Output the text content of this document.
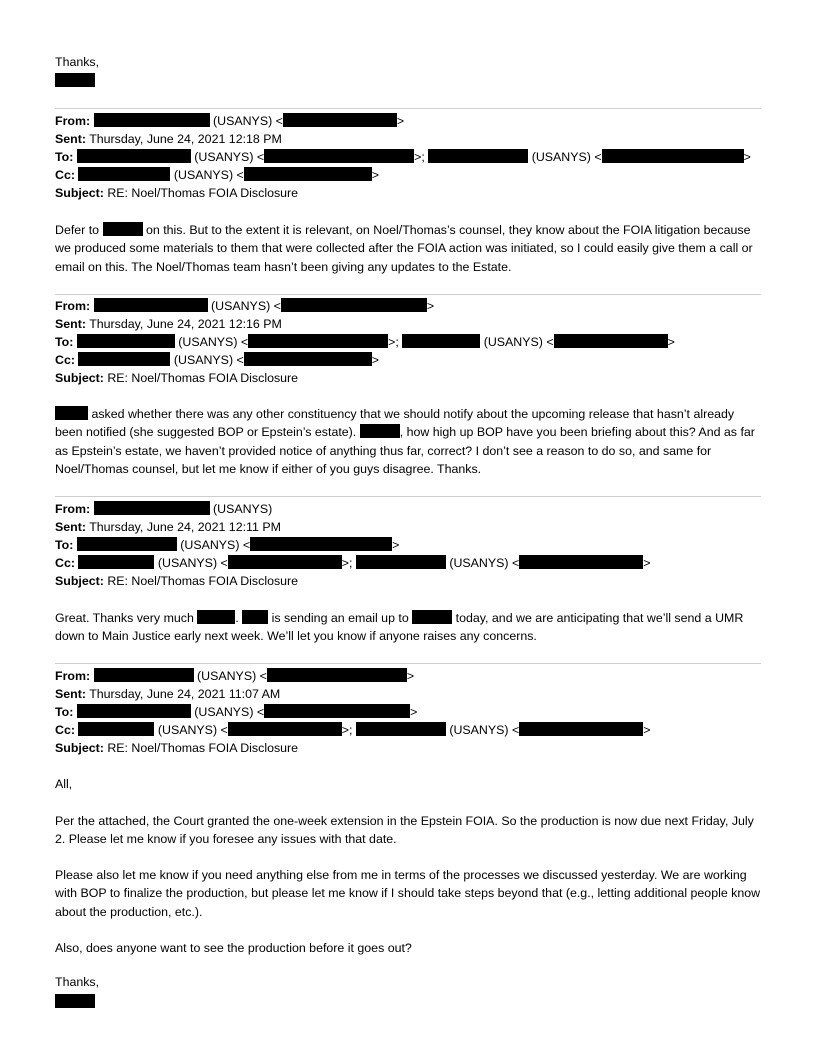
Thanks,
From:	(USANYS) <	>
Sent: Thursday, June 24, 2021 12:18 PM
To:	(USANYS) <	>;	(USANYS) <	>
Cc:	(USANYS) <	>
Subject: RE: Noel/Thomas FOIA Disclosure
Defer to	on this. But to the extent it is relevant, on Noel/Thomas’s counsel, they know about the FOIA litigation because we produced some materials to them that were collected after the FOIA action was initiated, so I could easily give them a call or email on this. The Noel/Thomas team hasn’t been giving any updates to the Estate.
From:	(USANYS) <	>
Sent: Thursday, June 24, 2021 12:16 PM
To:	(USANYS) <	>;	(USANYS) <	>
Cc:	(USANYS) <	>
Subject: RE: Noel/Thomas FOIA Disclosure
asked whether there was any other constituency that we should notify about the upcoming release that hasn’t already been notified (she suggested BOP or Epstein’s estate).	, how high up BOP have you been briefing about this? And as far as Epstein’s estate, we haven’t provided notice of anything thus far, correct? I don’t see a reason to do so, and same for Noel/Thomas counsel, but let me know if either of you guys disagree. Thanks.
From:	(USANYS)
Sent: Thursday, June 24, 2021 12:11 PM
To:	(USANYS) <	>
Cc:	(USANYS) <	>;	(USANYS) <	>
Subject: RE: Noel/Thomas FOIA Disclosure
Great. Thanks very much	.  is sending an email up to	today, and we are anticipating that we’ll send a UMR down to Main Justice early next week. We’ll let you know if anyone raises any concerns.
From:	(USANYS) <	>
Sent: Thursday, June 24, 2021 11:07 AM
To:	(USANYS) <	>
Cc:	(USANYS) <	>;	(USANYS) <	>
Subject: RE: Noel/Thomas FOIA Disclosure
All,
Per the attached, the Court granted the one-week extension in the Epstein FOIA. So the production is now due next Friday, July 2. Please let me know if you foresee any issues with that date.
Please also let me know if you need anything else from me in terms of the processes we discussed yesterday. We are working with BOP to finalize the production, but please let me know if I should take steps beyond that (e.g., letting additional people know about the production, etc.).
Also, does anyone want to see the production before it goes out?
Thanks,
